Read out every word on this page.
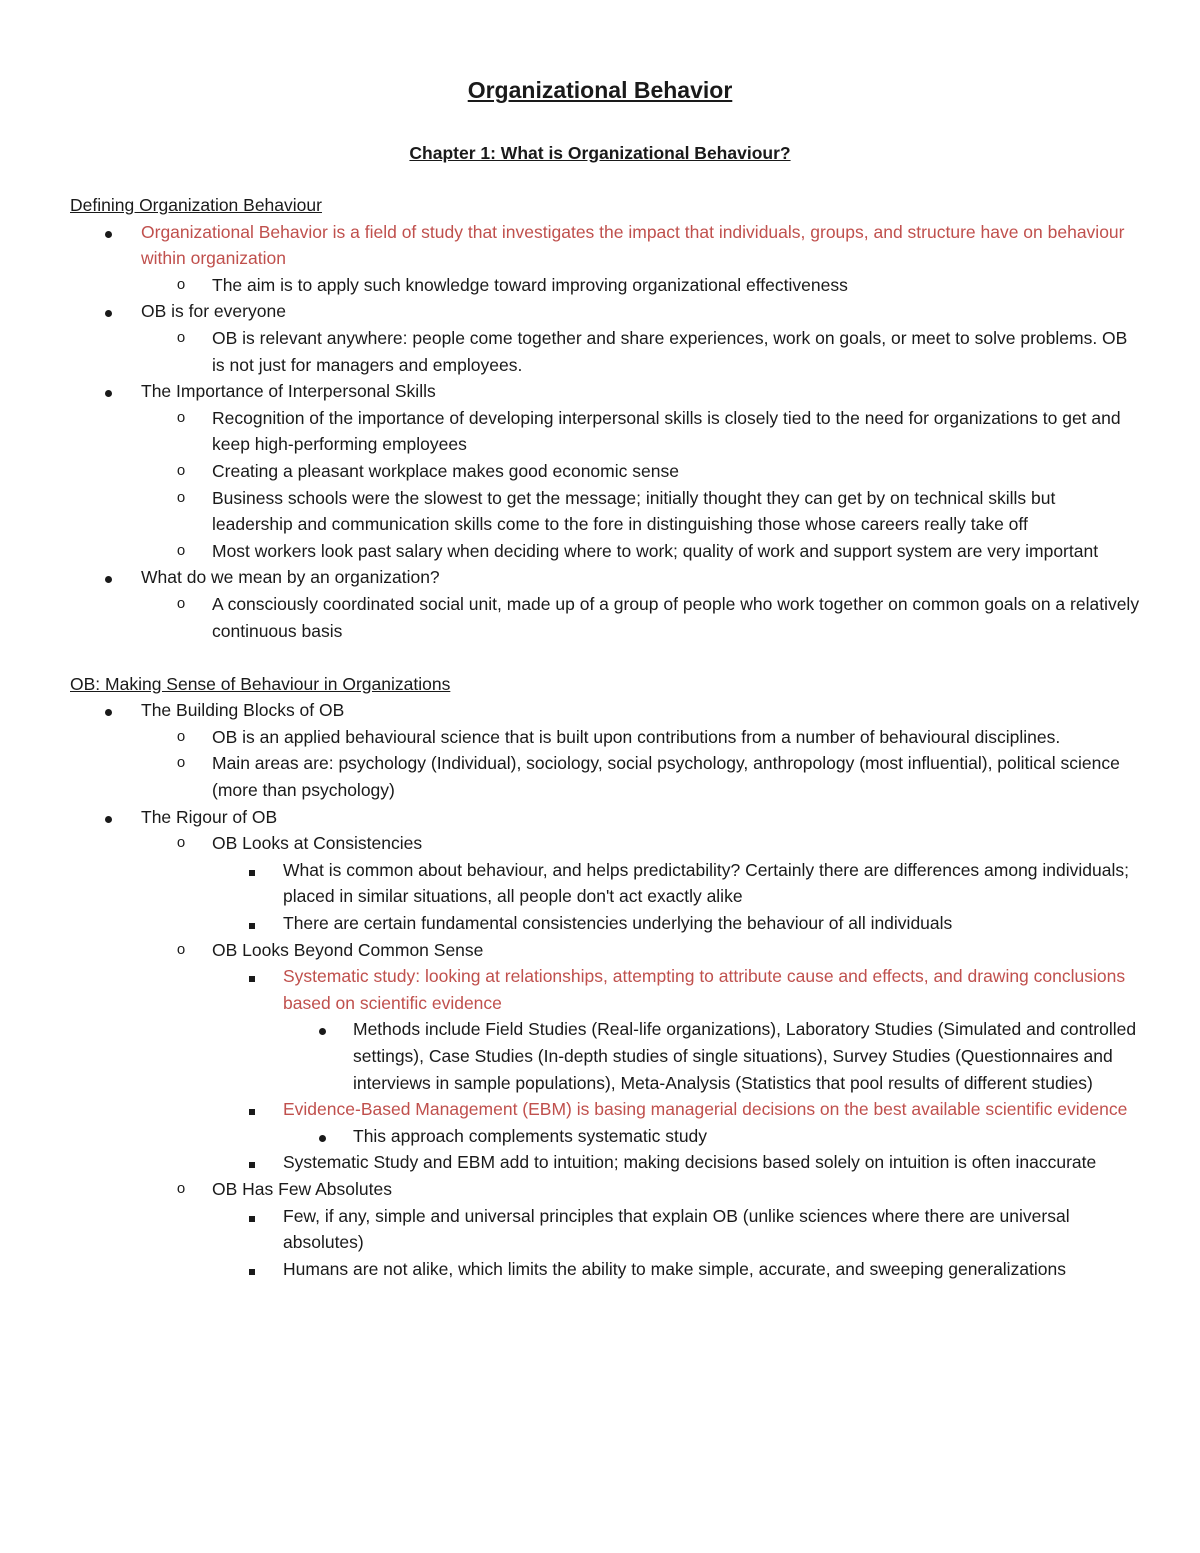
Organizational Behavior
Chapter 1: What is Organizational Behaviour?
Defining Organization Behaviour
Organizational Behavior is a field of study that investigates the impact that individuals, groups, and structure have on behaviour within organization
o	The aim is to apply such knowledge toward improving organizational effectiveness
OB is for everyone
o	OB is relevant anywhere: people come together and share experiences, work on goals, or meet to solve problems. OB is not just for managers and employees.
The Importance of Interpersonal Skills
o	Recognition of the importance of developing interpersonal skills is closely tied to the need for organizations to get and keep high-performing employees
o	Creating a pleasant workplace makes good economic sense
o	Business schools were the slowest to get the message; initially thought they can get by on technical skills but leadership and communication skills come to the fore in distinguishing those whose careers really take off
o	Most workers look past salary when deciding where to work; quality of work and support system are very important
What do we mean by an organization?
o	A consciously coordinated social unit, made up of a group of people who work together on common goals on a relatively continuous basis
OB: Making Sense of Behaviour in Organizations
The Building Blocks of OB
o	OB is an applied behavioural science that is built upon contributions from a number of behavioural disciplines.
o	Main areas are: psychology (Individual), sociology, social psychology, anthropology (most influential), political science (more than psychology)
The Rigour of OB
o	OB Looks at Consistencies
What is common about behaviour, and helps predictability? Certainly there are differences among individuals; placed in similar situations, all people don't act exactly alike
There are certain fundamental consistencies underlying the behaviour of all individuals
o	OB Looks Beyond Common Sense
Systematic study: looking at relationships, attempting to attribute cause and effects, and drawing conclusions based on scientific evidence
Methods include Field Studies (Real-life organizations), Laboratory Studies (Simulated and controlled settings), Case Studies (In-depth studies of single situations), Survey Studies (Questionnaires and interviews in sample populations), Meta-Analysis (Statistics that pool results of different studies)
Evidence-Based Management (EBM) is basing managerial decisions on the best available scientific evidence
This approach complements systematic study
Systematic Study and EBM add to intuition; making decisions based solely on intuition is often inaccurate
o	OB Has Few Absolutes
Few, if any, simple and universal principles that explain OB (unlike sciences where there are universal absolutes)
Humans are not alike, which limits the ability to make simple, accurate, and sweeping generalizations
